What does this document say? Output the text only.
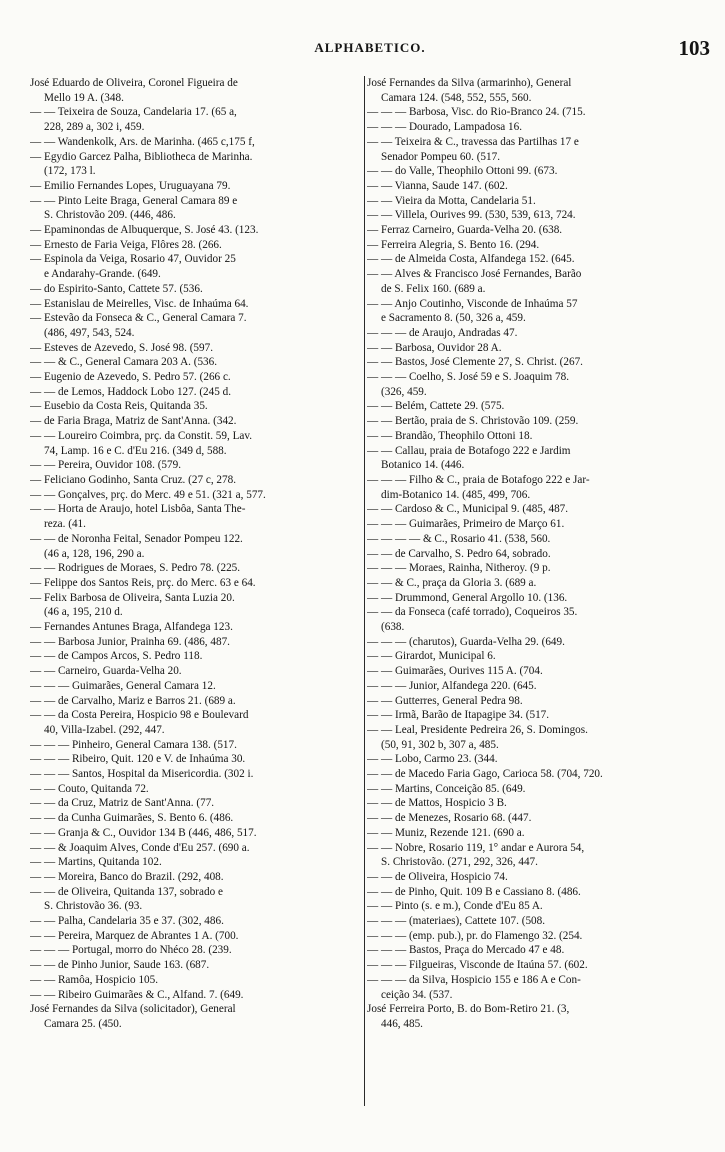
ALPHABETICO.	103
José Eduardo de Oliveira, Coronel Figueira de
Mello 19 A. (348.
— — Teixeira de Souza, Candelaria 17. (65 a,
228, 289 a, 302 i, 459.
— — Wandenkolk, Ars. de Marinha. (465 c,175 f,
— Egydio Garcez Palha, Bibliotheca de Marinha.
(172, 173 l.
— Emilio Fernandes Lopes, Uruguayana 79.
— — Pinto Leite Braga, General Camara 89 e
S. Christovão 209. (446, 486.
— Epaminondas de Albuquerque, S. José 43. (123.
— Ernesto de Faria Veiga, Flôres 28. (266.
— Espinola da Veiga, Rosario 47, Ouvidor 25
e Andarahy-Grande. (649.
— do Espirito-Santo, Cattete 57. (536.
— Estanislau de Meirelles, Visc. de Inhaúma 64.
— Estevão da Fonseca & C., General Camara 7.
(486, 497, 543, 524.
— Esteves de Azevedo, S. José 98. (597.
— — & C., General Camara 203 A. (536.
— Eugenio de Azevedo, S. Pedro 57. (266 c.
— — de Lemos, Haddock Lobo 127. (245 d.
— Eusebio da Costa Reis, Quitanda 35.
— de Faria Braga, Matriz de Sant'Anna. (342.
— — Loureiro Coimbra, prç. da Constit. 59, Lav.
74, Lamp. 16 e C. d'Eu 216. (349 d, 588.
— — Pereira, Ouvidor 108. (579.
— Feliciano Godinho, Santa Cruz. (27 c, 278.
— — Gonçalves, prç. do Merc. 49 e 51. (321 a, 577.
— — Horta de Araujo, hotel Lisbôa, Santa The-
reza. (41.
— — de Noronha Feital, Senador Pompeu 122.
(46 a, 128, 196, 290 a.
— — Rodrigues de Moraes, S. Pedro 78. (225.
— Felippe dos Santos Reis, prç. do Merc. 63 e 64.
— Felix Barbosa de Oliveira, Santa Luzia 20.
(46 a, 195, 210 d.
— Fernandes Antunes Braga, Alfandega 123.
— — Barbosa Junior, Prainha 69. (486, 487.
— — de Campos Arcos, S. Pedro 118.
— — Carneiro, Guarda-Velha 20.
— — — Guimarães, General Camara 12.
— — de Carvalho, Mariz e Barros 21. (689 a.
— — da Costa Pereira, Hospicio 98 e Boulevard
40, Villa-Izabel. (292, 447.
— — — Pinheiro, General Camara 138. (517.
— — — Ribeiro, Quit. 120 e V. de Inhaúma 30.
— — — Santos, Hospital da Misericordia. (302 i.
— — Couto, Quitanda 72.
— — da Cruz, Matriz de Sant'Anna. (77.
— — da Cunha Guimarães, S. Bento 6. (486.
— — Granja & C., Ouvidor 134 B (446, 486, 517.
— — & Joaquim Alves, Conde d'Eu 257. (690 a.
— — Martins, Quitanda 102.
— — Moreira, Banco do Brazil. (292, 408.
— — de Oliveira, Quitanda 137, sobrado e
S. Christovão 36. (93.
— — Palha, Candelaria 35 e 37. (302, 486.
— — Pereira, Marquez de Abrantes 1 A. (700.
— — — Portugal, morro do Nhéco 28. (239.
— — de Pinho Junior, Saude 163. (687.
— — Ramôa, Hospicio 105.
— — Ribeiro Guimarães & C., Alfand. 7. (649.
José Fernandes da Silva (solicitador), General
Camara 25. (450.
José Fernandes da Silva (armarinho), General
Camara 124. (548, 552, 555, 560.
— — — Barbosa, Visc. do Rio-Branco 24. (715.
— — — Dourado, Lampadosa 16.
— — Teixeira & C., travessa das Partilhas 17 e
Senador Pompeu 60. (517.
— — do Valle, Theophilo Ottoni 99. (673.
— — Vianna, Saude 147. (602.
— — Vieira da Motta, Candelaria 51.
— — Villela, Ourives 99. (530, 539, 613, 724.
— Ferraz Carneiro, Guarda-Velha 20. (638.
— Ferreira Alegria, S. Bento 16. (294.
— — de Almeida Costa, Alfandega 152. (645.
— — Alves & Francisco José Fernandes, Barão
de S. Felix 160. (689 a.
— — Anjo Coutinho, Visconde de Inhaúma 57
e Sacramento 8. (50, 326 a, 459.
— — — de Araujo, Andradas 47.
— — Barbosa, Ouvidor 28 A.
— — Bastos, José Clemente 27, S. Christ. (267.
— — — Coelho, S. José 59 e S. Joaquim 78.
(326, 459.
— — Belém, Cattete 29. (575.
— — Bertão, praia de S. Christovão 109. (259.
— — Brandão, Theophilo Ottoni 18.
— — Callau, praia de Botafogo 222 e Jardim
Botanico 14. (446.
— — — Filho & C., praia de Botafogo 222 e Jar-
dim-Botanico 14. (485, 499, 706.
— — Cardoso & C., Municipal 9. (485, 487.
— — — Guimarães, Primeiro de Março 61.
— — — — & C., Rosario 41. (538, 560.
— — de Carvalho, S. Pedro 64, sobrado.
— — — Moraes, Rainha, Nitheroy. (9 p.
— — & C., praça da Gloria 3. (689 a.
— — Drummond, General Argollo 10. (136.
— — da Fonseca (café torrado), Coqueiros 35.
(638.
— — — (charutos), Guarda-Velha 29. (649.
— — Girardot, Municipal 6.
— — Guimarães, Ourives 115 A. (704.
— — — Junior, Alfandega 220. (645.
— — Gutterres, General Pedra 98.
— — Irmã, Barão de Itapagipe 34. (517.
— — Leal, Presidente Pedreira 26, S. Domingos.
(50, 91, 302 b, 307 a, 485.
— — Lobo, Carmo 23. (344.
— — de Macedo Faria Gago, Carioca 58. (704, 720.
— — Martins, Conceição 85. (649.
— — de Mattos, Hospicio 3 B.
— — de Menezes, Rosario 68. (447.
— — Muniz, Rezende 121. (690 a.
— — Nobre, Rosario 119, 1° andar e Aurora 54,
S. Christovão. (271, 292, 326, 447.
— — de Oliveira, Hospicio 74.
— — de Pinho, Quit. 109 B e Cassiano 8. (486.
— — Pinto (s. e m.), Conde d'Eu 85 A.
— — — (materiaes), Cattete 107. (508.
— — — (emp. pub.), pr. do Flamengo 32. (254.
— — — Bastos, Praça do Mercado 47 e 48.
— — — Filgueiras, Visconde de Itaúna 57. (602.
— — — da Silva, Hospicio 155 e 186 A e Con-
ceição 34. (537.
José Ferreira Porto, B. do Bom-Retiro 21. (3,
446, 485.
